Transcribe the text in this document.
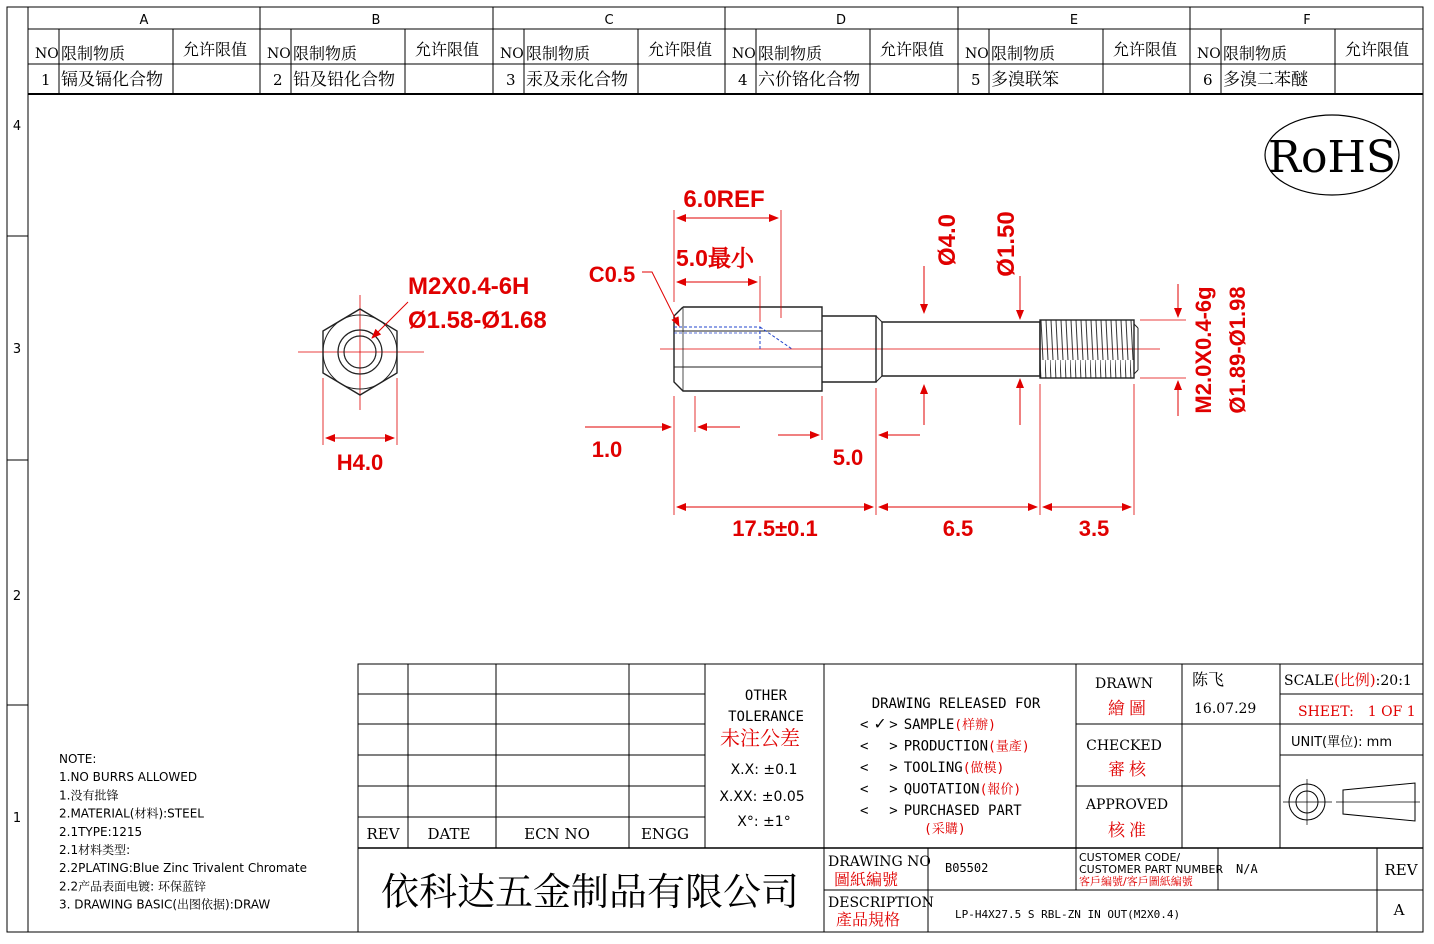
A	B	C	D	E	F
4
3
2
1
NO 限制物质	允许限值
1 镉及镉化合物
NO 限制物质	允许限值
2 铅及铅化合物
NO 限制物质	允许限值
3 汞及汞化合物
NO 限制物质	允许限值
4 六价铬化合物
NO 限制物质	允许限值
5 多溴联笨
NO 限制物质	允许限值
6 多溴二苯醚
RoHS
M2X0.4-6H
Ø1.58-Ø1.68
H4.0
6.0REF
5.0最小
C0.5
1.0	5.0
17.5±0.1	6.5	3.5
Ø4.0 Ø1.50
M2.0X0.4-6g Ø1.89-Ø1.98
NOTE:
1.NO BURRS ALLOWED
1.没有批锋
2.MATERIAL(材料):STEEL
2.1TYPE:1215
2.1材料类型:
2.2PLATING:Blue Zinc Trivalent Chromate
2.2产品表面电镀: 环保蓝锌
3. DRAWING BASIC(出图依据):DRAW
REV DATE	ECN NO	ENGG
OTHER
TOLERANCE
未注公差
X.X: ±0.1
X.XX: ±0.05
X°: ±1°
DRAWING RELEASED FOR
< ✓ > SAMPLE(样辦)
<  > PRODUCTION(量產)
<  > TOOLING(做模)
<  > QUOTATION(報价)
<  > PURCHASED PART (采購)
DRAWN
繪圖
陈飞
16.07.29
CHECKED
審核
APPROVED
核准
SCALE(比例):20:1
SHEET: 1 OF 1
UNIT(單位): mm
依科达五金制品有限公司
DRAWING NO
圖紙編號
B05502
CUSTOMER CODE/
CUSTOMER PART NUMBER
客戶編號/客戶圖紙編號
N/A
DESCRIPTION
產品規格	LP-H4X27.5 S RBL-ZN IN OUT(M2X0.4)
REV
A
